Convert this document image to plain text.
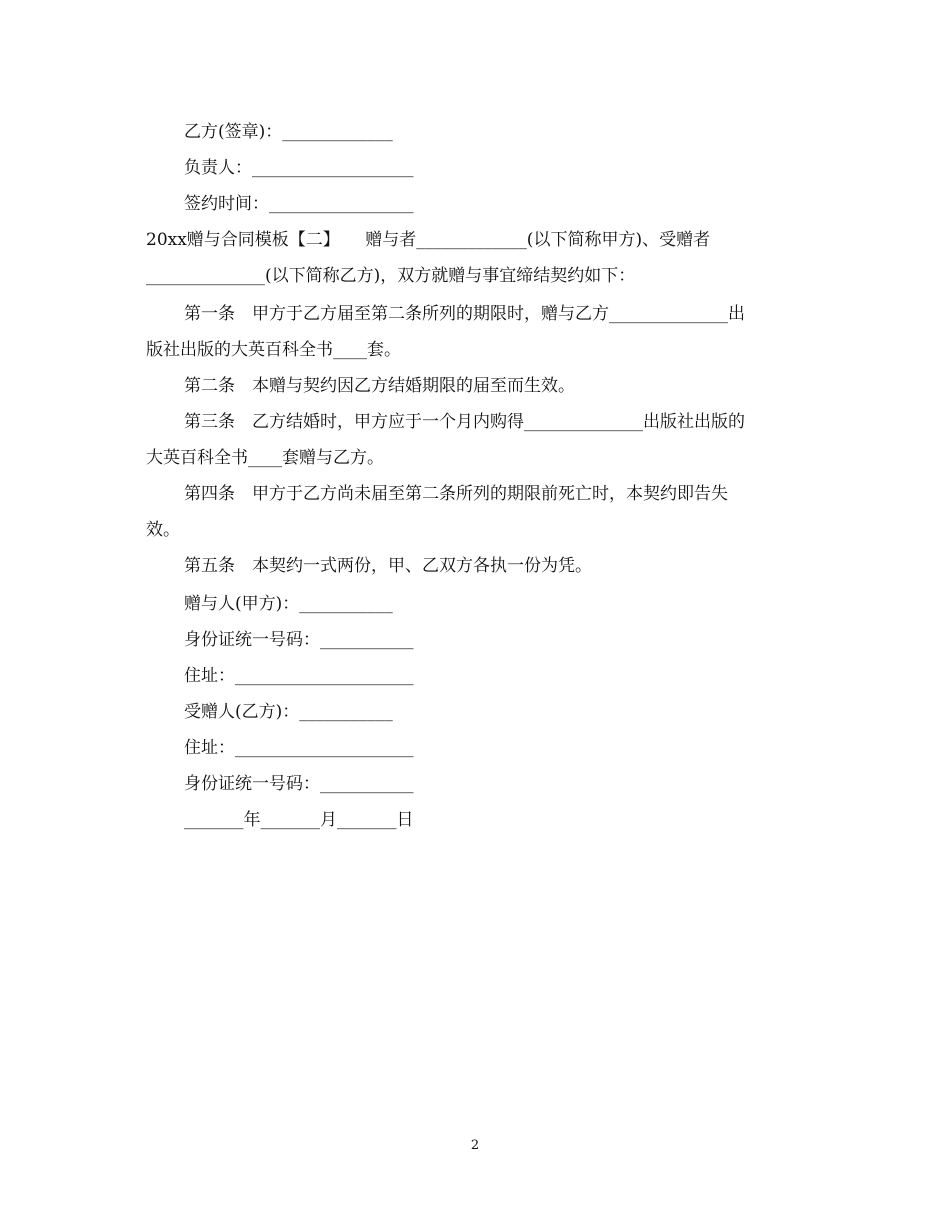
乙方(签章)：_____________
负责人：___________________
签约时间：_________________
20xx赠与合同模板【二】　　赠与者_____________(以下简称甲方)、受赠者
______________(以下简称乙方)，双方就赠与事宜缔结契约如下：
第一条　甲方于乙方届至第二条所列的期限时，赠与乙方______________出
版社出版的大英百科全书____套。
第二条　本赠与契约因乙方结婚期限的届至而生效。
第三条　乙方结婚时，甲方应于一个月内购得______________出版社出版的
大英百科全书____套赠与乙方。
第四条　甲方于乙方尚未届至第二条所列的期限前死亡时，本契约即告失
效。
第五条　本契约一式两份，甲、乙双方各执一份为凭。
赠与人(甲方)：___________
身份证统一号码：___________
住址：_____________________
受赠人(乙方)：___________
住址：_____________________
身份证统一号码：___________
_______年_______月_______日
2
